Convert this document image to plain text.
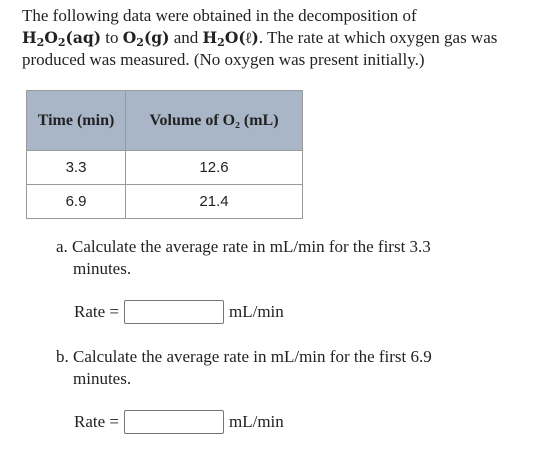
The following data were obtained in the decomposition of
$H_2O_2(aq)$ to $O_2(g)$ and $H_2O(\ell)$. The rate at which oxygen gas was produced was measured. (No oxygen was present initially.)
Time (min)	Volume of O₂ (mL)
3.3	12.6
6.9	21.4
a. Calculate the average rate in mL/min for the first 3.3
minutes.
Rate =	mL/min
b. Calculate the average rate in mL/min for the first 6.9
minutes.
Rate =	mL/min
